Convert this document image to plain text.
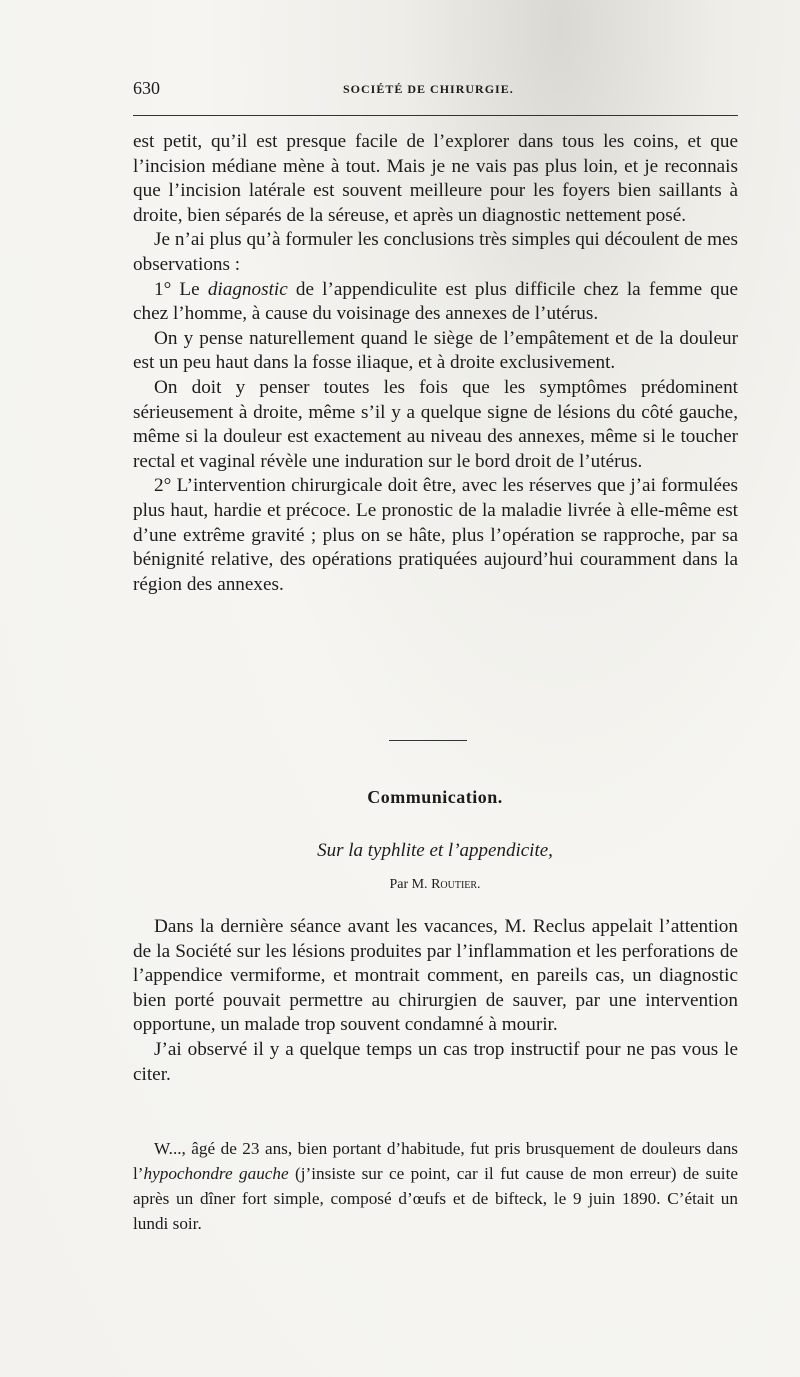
630	SOCIÉTÉ DE CHIRURGIE.

est petit, qu’il est presque facile de l’explorer dans tous les coins, et que l’incision médiane mène à tout. Mais je ne vais pas plus loin, et je reconnais que l’incision latérale est souvent meilleure pour les foyers bien saillants à droite, bien séparés de la séreuse, et après un diagnostic nettement posé.

Je n’ai plus qu’à formuler les conclusions très simples qui découlent de mes observations :

1° Le diagnostic de l’appendiculite est plus difficile chez la femme que chez l’homme, à cause du voisinage des annexes de l’utérus.

On y pense naturellement quand le siège de l’empâtement et de la douleur est un peu haut dans la fosse iliaque, et à droite exclusivement.

On doit y penser toutes les fois que les symptômes prédominent sérieusement à droite, même s’il y a quelque signe de lésions du côté gauche, même si la douleur est exactement au niveau des annexes, même si le toucher rectal et vaginal révèle une induration sur le bord droit de l’utérus.

2° L’intervention chirurgicale doit être, avec les réserves que j’ai formulées plus haut, hardie et précoce. Le pronostic de la maladie livrée à elle-même est d’une extrême gravité ; plus on se hâte, plus l’opération se rapproche, par sa bénignité relative, des opérations pratiquées aujourd’hui couramment dans la région des annexes.

Communication.
Sur la typhlite et l’appendicite,
Par M. Routier.

Dans la dernière séance avant les vacances, M. Reclus appelait l’attention de la Société sur les lésions produites par l’inflammation et les perforations de l’appendice vermiforme, et montrait comment, en pareils cas, un diagnostic bien porté pouvait permettre au chirurgien de sauver, par une intervention opportune, un malade trop souvent condamné à mourir.

J’ai observé il y a quelque temps un cas trop instructif pour ne pas vous le citer.

W..., âgé de 23 ans, bien portant d’habitude, fut pris brusquement de douleurs dans l’hypochondre gauche (j’insiste sur ce point, car il fut cause de mon erreur) de suite après un dîner fort simple, composé d’œufs et de bifteck, le 9 juin 1890. C’était un lundi soir.
